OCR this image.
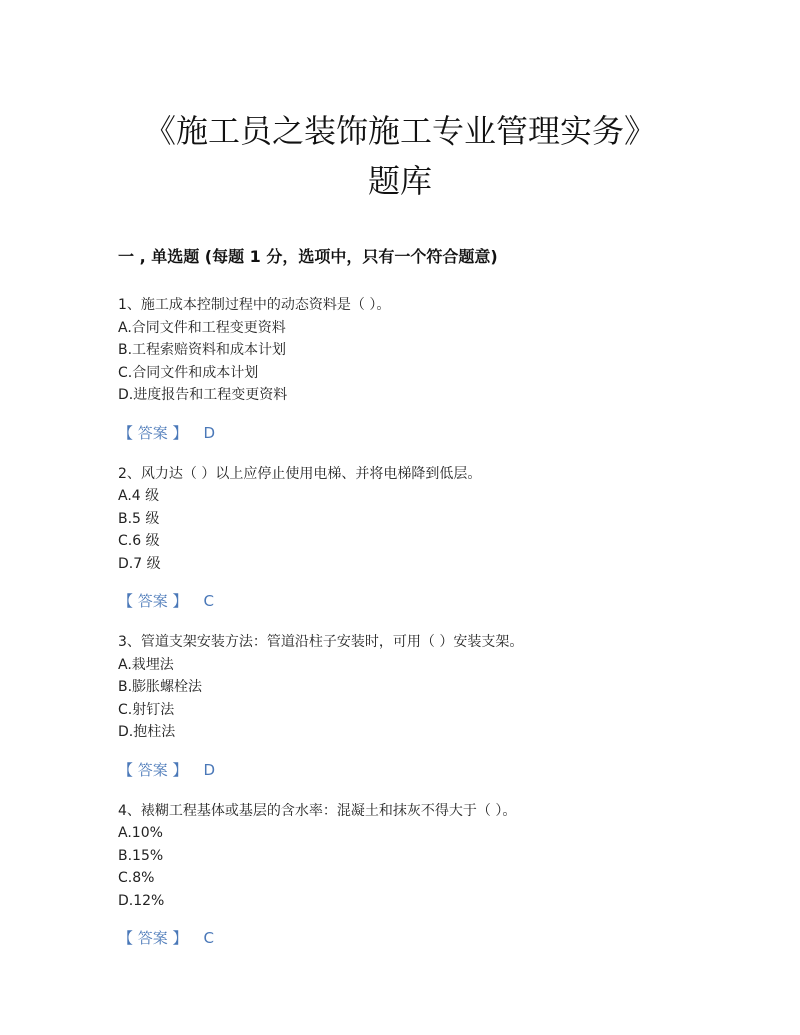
《施工员之装饰施工专业管理实务》
题库
一 , 单选题 (每题 1 分，选项中，只有一个符合题意)
1、施工成本控制过程中的动态资料是（ ）。
A.合同文件和工程变更资料
B.工程索赔资料和成本计划
C.合同文件和成本计划
D.进度报告和工程变更资料
【 答案 】 D
2、风力达（ ）以上应停止使用电梯、并将电梯降到低层。
A.4 级
B.5 级
C.6 级
D.7 级
【 答案 】 C
3、管道支架安装方法：管道沿柱子安装时，可用（ ）安装支架。
A.栽埋法
B.膨胀螺栓法
C.射钉法
D.抱柱法
【 答案 】 D
4、裱糊工程基体或基层的含水率：混凝土和抹灰不得大于（ ）。
A.10%
B.15%
C.8%
D.12%
【 答案 】 C
